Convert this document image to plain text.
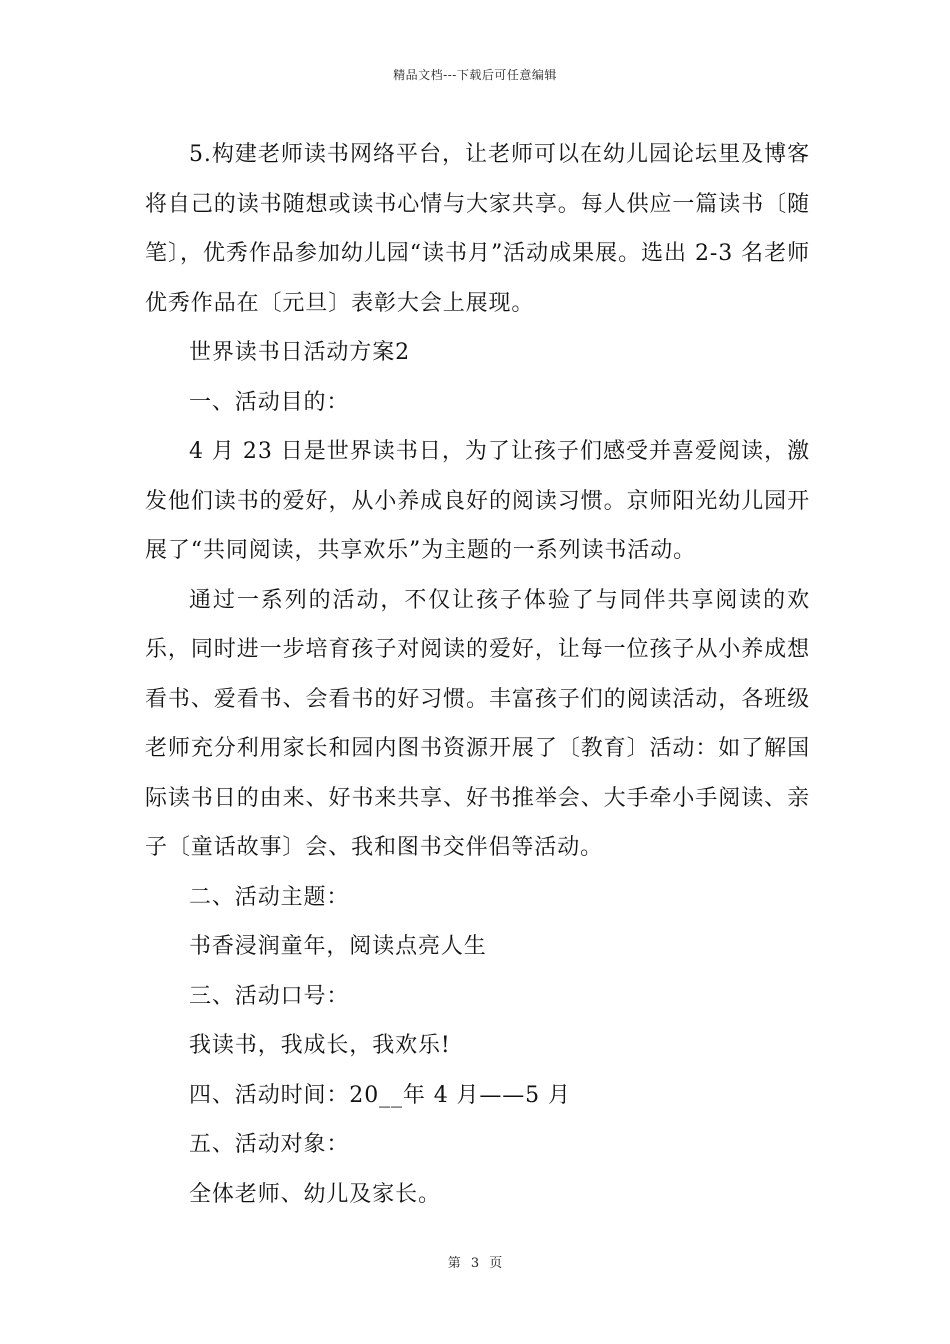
精品文档---下载后可任意编辑

5.构建老师读书网络平台，让老师可以在幼儿园论坛里及博客将自己的读书随想或读书心情与大家共享。每人供应一篇读书〔随笔〕，优秀作品参加幼儿园“读书月”活动成果展。选出 2-3 名老师优秀作品在〔元旦〕表彰大会上展现。

世界读书日活动方案2

一、活动目的：

4 月 23 日是世界读书日，为了让孩子们感受并喜爱阅读，激发他们读书的爱好，从小养成良好的阅读习惯。京师阳光幼儿园开展了“共同阅读，共享欢乐”为主题的一系列读书活动。

通过一系列的活动，不仅让孩子体验了与同伴共享阅读的欢乐，同时进一步培育孩子对阅读的爱好，让每一位孩子从小养成想看书、爱看书、会看书的好习惯。丰富孩子们的阅读活动，各班级老师充分利用家长和园内图书资源开展了〔教育〕活动：如了解国际读书日的由来、好书来共享、好书推举会、大手牵小手阅读、亲子〔童话故事〕会、我和图书交伴侣等活动。

二、活动主题：

书香浸润童年，阅读点亮人生

三、活动口号：

我读书，我成长，我欢乐!

四、活动时间：20__年 4 月——5 月

五、活动对象：

全体老师、幼儿及家长。

第 3 页
